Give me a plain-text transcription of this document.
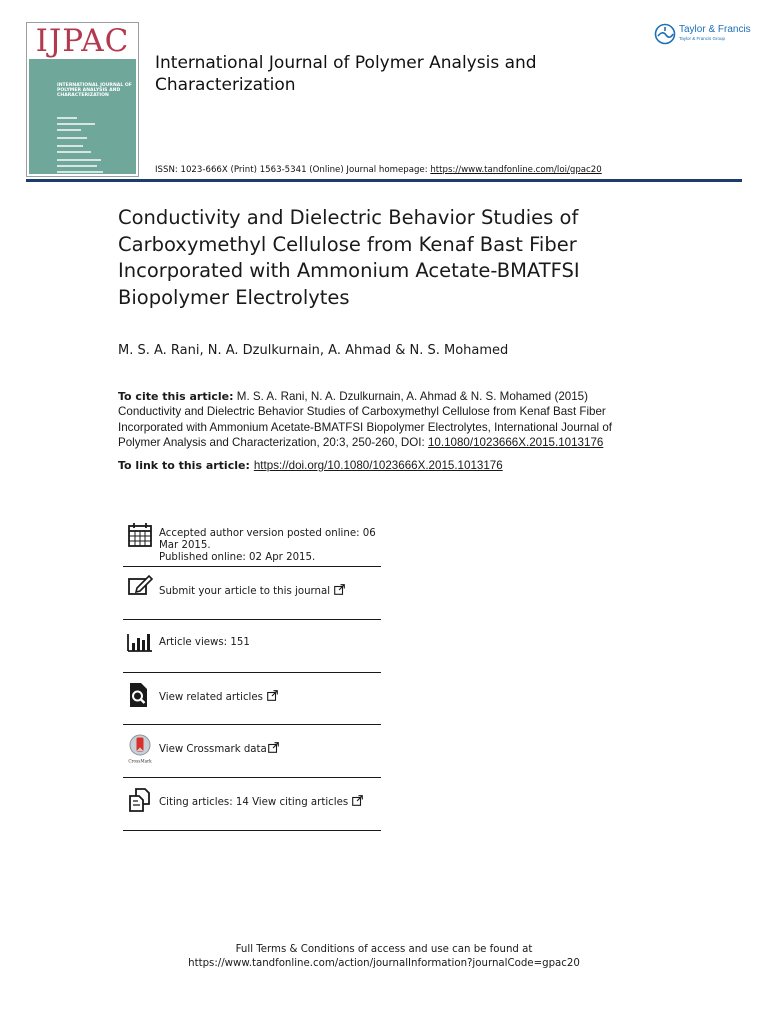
IJPAC
INTERNATIONAL JOURNAL OF POLYMER ANALYSIS AND CHARACTERIZATION
Taylor & Francis
Taylor & Francis Group
International Journal of Polymer Analysis and Characterization
ISSN: 1023-666X (Print) 1563-5341 (Online) Journal homepage: https://www.tandfonline.com/loi/gpac20
Conductivity and Dielectric Behavior Studies of Carboxymethyl Cellulose from Kenaf Bast Fiber Incorporated with Ammonium Acetate-BMATFSI Biopolymer Electrolytes
M. S. A. Rani, N. A. Dzulkurnain, A. Ahmad & N. S. Mohamed
To cite this article: M. S. A. Rani, N. A. Dzulkurnain, A. Ahmad & N. S. Mohamed (2015) Conductivity and Dielectric Behavior Studies of Carboxymethyl Cellulose from Kenaf Bast Fiber Incorporated with Ammonium Acetate-BMATFSI Biopolymer Electrolytes, International Journal of Polymer Analysis and Characterization, 20:3, 250-260, DOI: 10.1080/1023666X.2015.1013176
To link to this article: https://doi.org/10.1080/1023666X.2015.1013176
Accepted author version posted online: 06 Mar 2015.
Published online: 02 Apr 2015.
Submit your article to this journal
Article views: 151
View related articles
CrossMark
View Crossmark data
Citing articles: 14 View citing articles
Full Terms & Conditions of access and use can be found at
https://www.tandfonline.com/action/journalInformation?journalCode=gpac20
